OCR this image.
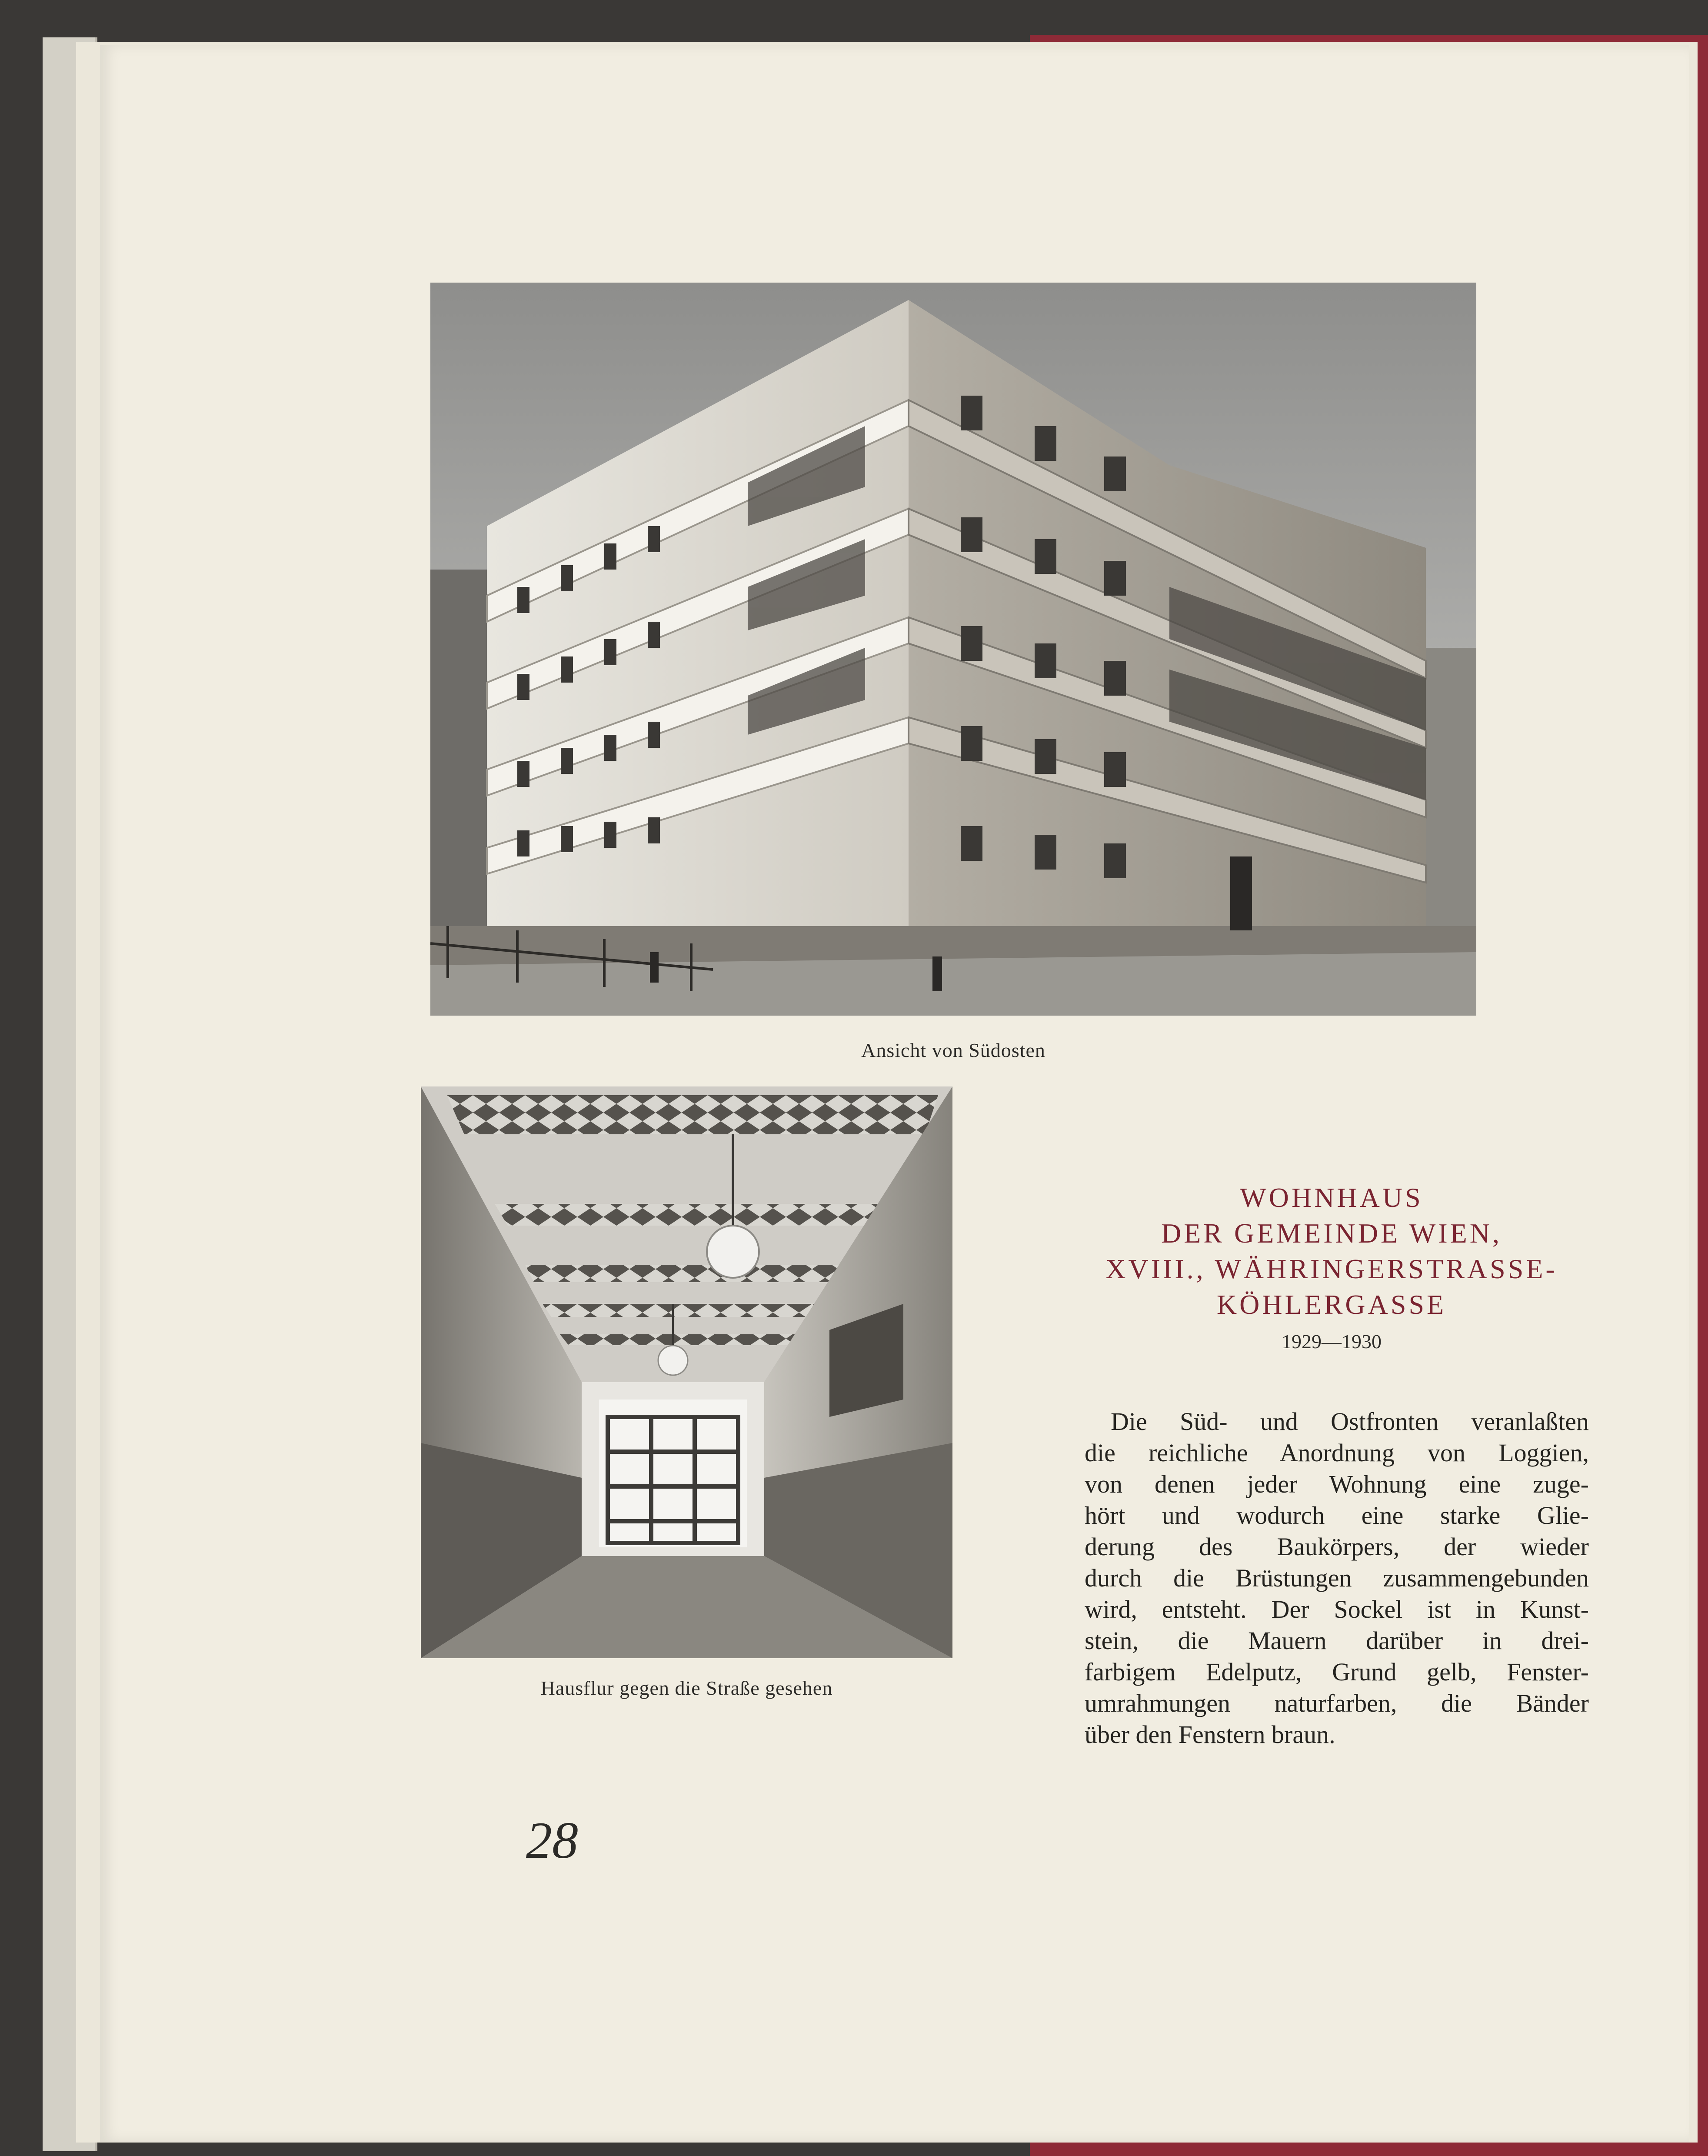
Ansicht von Südosten
Hausflur gegen die Straße gesehen
WOHNHAUS
DER GEMEINDE WIEN,
XVIII., WÄHRINGERSTRASSE-
KÖHLERGASSE
1929—1930
Die Süd- und Ostfronten veranlaßten
die reichliche Anordnung von Loggien,
von denen jeder Wohnung eine zuge-
hört und wodurch eine starke Glie-
derung des Baukörpers, der wieder
durch die Brüstungen zusammengebunden
wird, entsteht. Der Sockel ist in Kunst-
stein, die Mauern darüber in drei-
farbigem Edelputz, Grund gelb, Fenster-
umrahmungen naturfarben, die Bänder
über den Fenstern braun.
28
